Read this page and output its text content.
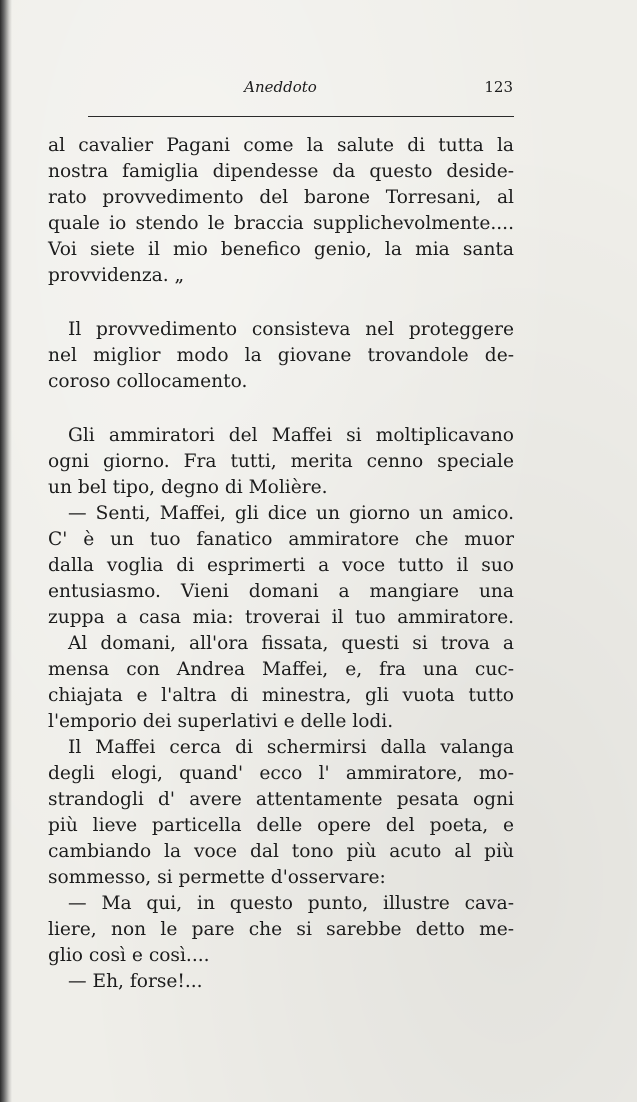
Aneddoto	123
al cavalier Pagani come la salute di tutta la
nostra famiglia dipendesse da questo deside-
rato provvedimento del barone Torresani, al
quale io stendo le braccia supplichevolmente....
Voi siete il mio benefico genio, la mia santa
provvidenza. „
Il provvedimento consisteva nel proteggere
nel miglior modo la giovane trovandole de-
coroso collocamento.
Gli ammiratori del Maffei si moltiplicavano
ogni giorno. Fra tutti, merita cenno speciale
un bel tipo, degno di Molière.
— Senti, Maffei, gli dice un giorno un amico.
C' è un tuo fanatico ammiratore che muor
dalla voglia di esprimerti a voce tutto il suo
entusiasmo. Vieni domani a mangiare una
zuppa a casa mia: troverai il tuo ammiratore.
Al domani, all'ora fissata, questi si trova a
mensa con Andrea Maffei, e, fra una cuc-
chiajata e l'altra di minestra, gli vuota tutto
l'emporio dei superlativi e delle lodi.
Il Maffei cerca di schermirsi dalla valanga
degli elogi, quand' ecco l' ammiratore, mo-
strandogli d' avere attentamente pesata ogni
più lieve particella delle opere del poeta, e
cambiando la voce dal tono più acuto al più
sommesso, si permette d'osservare:
— Ma qui, in questo punto, illustre cava-
liere, non le pare che si sarebbe detto me-
glio così e così....
— Eh, forse!...
